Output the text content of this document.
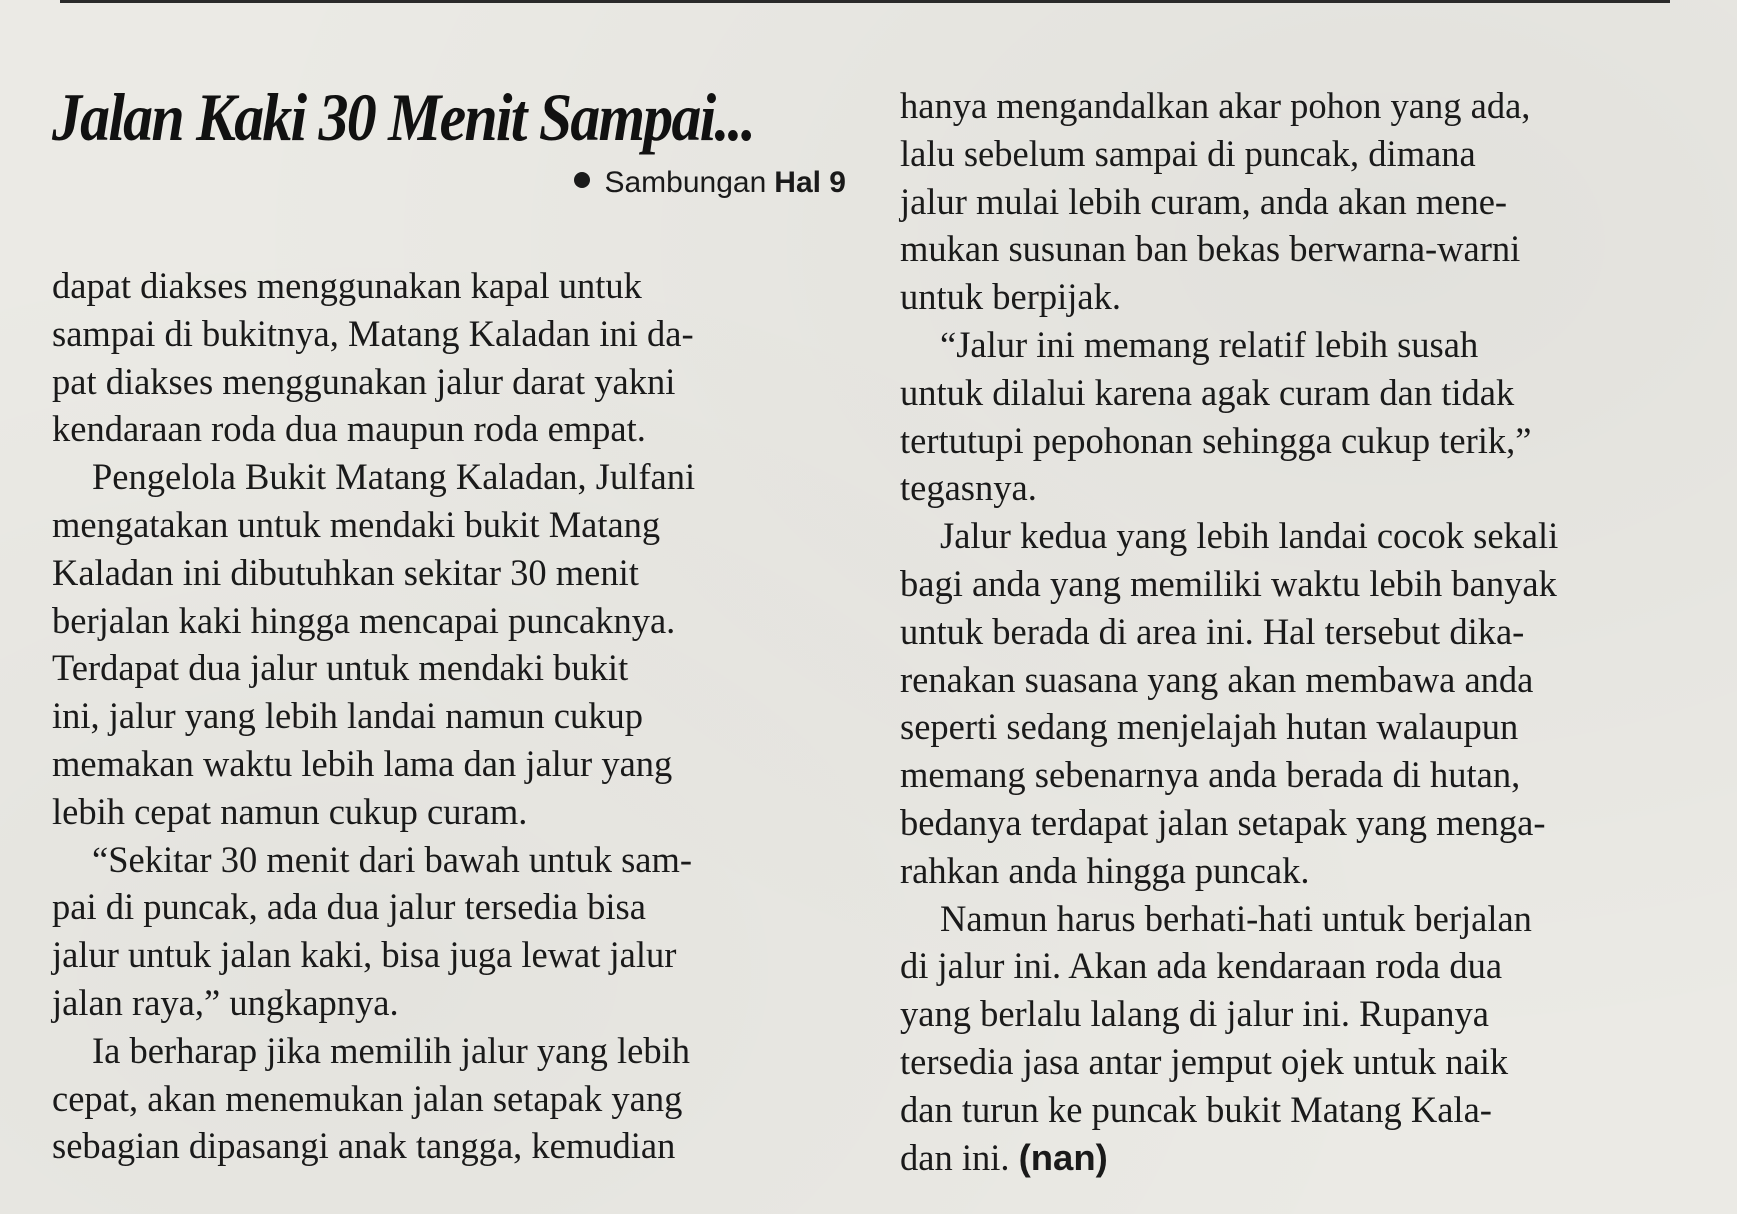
Jalan Kaki 30 Menit Sampai...
Sambungan Hal 9

dapat diakses menggunakan kapal untuk
sampai di bukitnya, Matang Kaladan ini da-
pat diakses menggunakan jalur darat yakni
kendaraan roda dua maupun roda empat.

Pengelola Bukit Matang Kaladan, Julfani
mengatakan untuk mendaki bukit Matang
Kaladan ini dibutuhkan sekitar 30 menit
berjalan kaki hingga mencapai puncaknya.
Terdapat dua jalur untuk mendaki bukit
ini, jalur yang lebih landai namun cukup
memakan waktu lebih lama dan jalur yang
lebih cepat namun cukup curam.

“Sekitar 30 menit dari bawah untuk sam-
pai di puncak, ada dua jalur tersedia bisa
jalur untuk jalan kaki, bisa juga lewat jalur
jalan raya,” ungkapnya.

Ia berharap jika memilih jalur yang lebih
cepat, akan menemukan jalan setapak yang
sebagian dipasangi anak tangga, kemudian

hanya mengandalkan akar pohon yang ada,
lalu sebelum sampai di puncak, dimana
jalur mulai lebih curam, anda akan mene-
mukan susunan ban bekas berwarna-warni
untuk berpijak.

“Jalur ini memang relatif lebih susah
untuk dilalui karena agak curam dan tidak
tertutupi pepohonan sehingga cukup terik,”
tegasnya.

Jalur kedua yang lebih landai cocok sekali
bagi anda yang memiliki waktu lebih banyak
untuk berada di area ini. Hal tersebut dika-
renakan suasana yang akan membawa anda
seperti sedang menjelajah hutan walaupun
memang sebenarnya anda berada di hutan,
bedanya terdapat jalan setapak yang menga-
rahkan anda hingga puncak.

Namun harus berhati-hati untuk berjalan
di jalur ini. Akan ada kendaraan roda dua
yang berlalu lalang di jalur ini. Rupanya
tersedia jasa antar jemput ojek untuk naik
dan turun ke puncak bukit Matang Kala-
dan ini. (nan)
